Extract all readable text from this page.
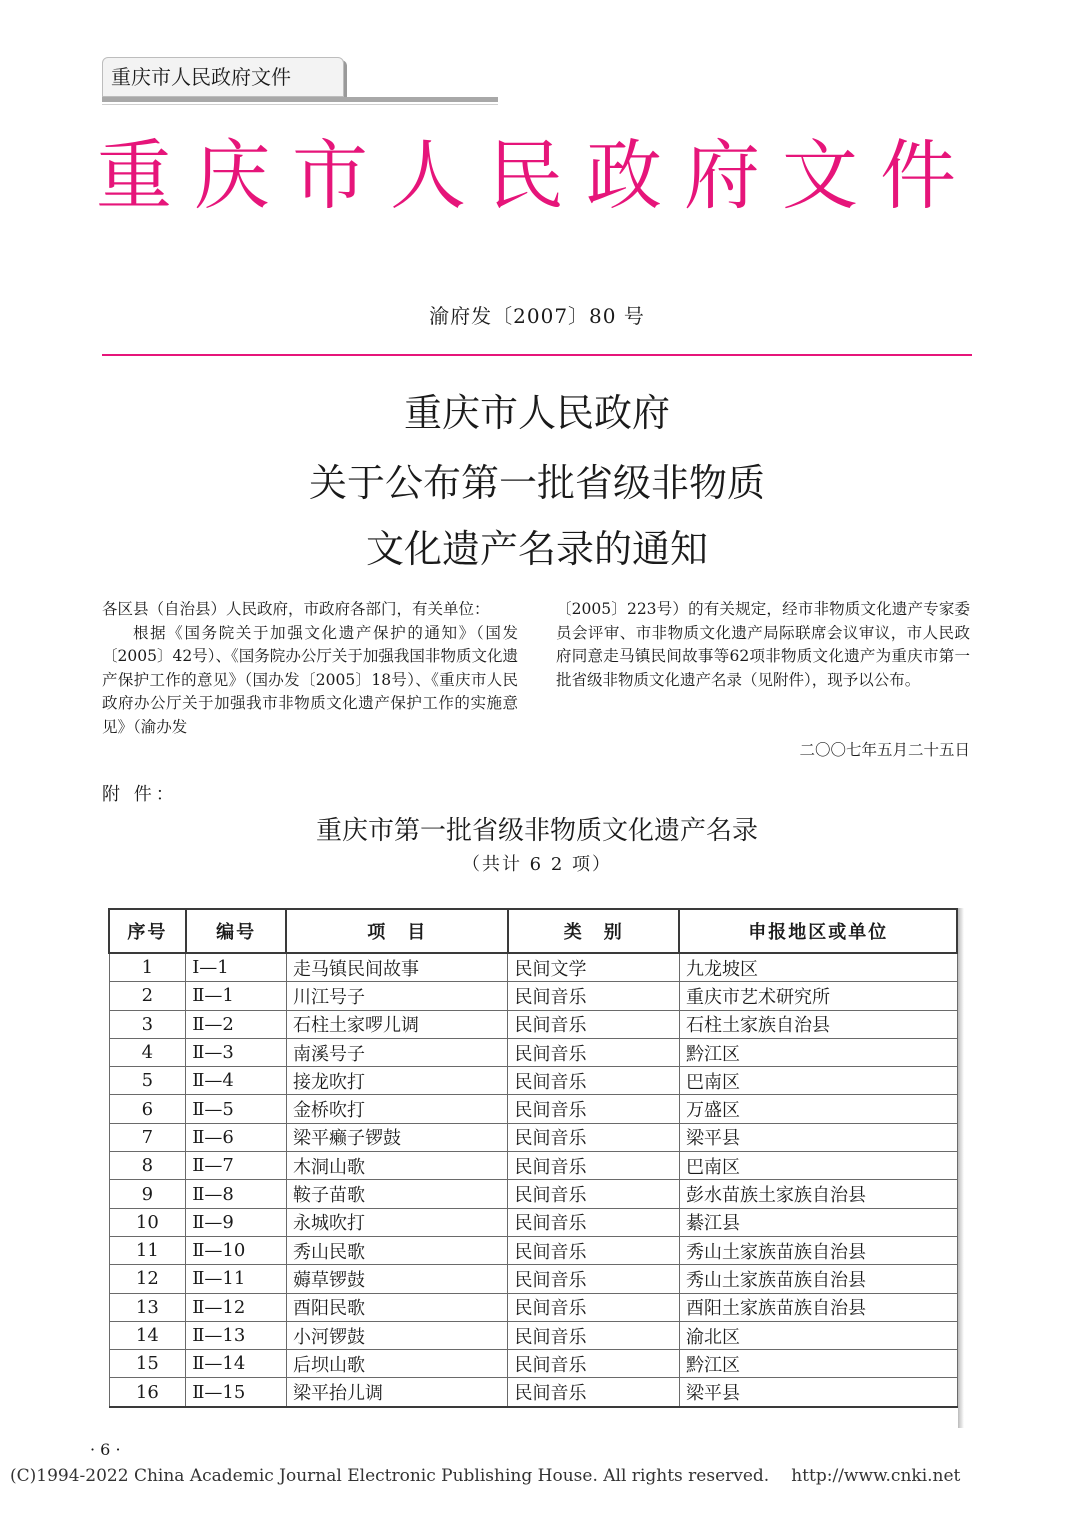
重庆市人民政府文件
重庆市人民政府文件
渝府发〔2007〕80 号
重庆市人民政府
关于公布第一批省级非物质
文化遗产名录的通知

各区县（自治县）人民政府，市政府各部门，有关单位：

根据《国务院关于加强文化遗产保护的通知》（国发〔2005〕42号）、《国务院办公厅关于加强我国非物质文化遗产保护工作的意见》（国办发〔2005〕18号）、《重庆市人民政府办公厅关于加强我市非物质文化遗产保护工作的实施意见》（渝办发

〔2005〕223号）的有关规定，经市非物质文化遗产专家委员会评审、市非物质文化遗产局际联席会议审议，市人民政府同意走马镇民间故事等62项非物质文化遗产为重庆市第一批省级非物质文化遗产名录（见附件），现予以公布。

二〇〇七年五月二十五日
附 件：
重庆市第一批省级非物质文化遗产名录
（共计 6 2 项）
序号	编号	项　目	类　别	申报地区或单位
1	Ⅰ—1	走马镇民间故事	民间文学	九龙坡区
2	Ⅱ—1	川江号子	民间音乐	重庆市艺术研究所
3	Ⅱ—2	石柱土家啰儿调	民间音乐	石柱土家族自治县
4	Ⅱ—3	南溪号子	民间音乐	黔江区
5	Ⅱ—4	接龙吹打	民间音乐	巴南区
6	Ⅱ—5	金桥吹打	民间音乐	万盛区
7	Ⅱ—6	梁平癞子锣鼓	民间音乐	梁平县
8	Ⅱ—7	木洞山歌	民间音乐	巴南区
9	Ⅱ—8	鞍子苗歌	民间音乐	彭水苗族土家族自治县
10	Ⅱ—9	永城吹打	民间音乐	綦江县
11	Ⅱ—10	秀山民歌	民间音乐	秀山土家族苗族自治县
12	Ⅱ—11	薅草锣鼓	民间音乐	秀山土家族苗族自治县
13	Ⅱ—12	酉阳民歌	民间音乐	酉阳土家族苗族自治县
14	Ⅱ—13	小河锣鼓	民间音乐	渝北区
15	Ⅱ—14	后坝山歌	民间音乐	黔江区
16	Ⅱ—15	梁平抬儿调	民间音乐	梁平县
· 6 ·
(C)1994-2022 China Academic Journal Electronic Publishing House. All rights reserved. http://www.cnki.net
